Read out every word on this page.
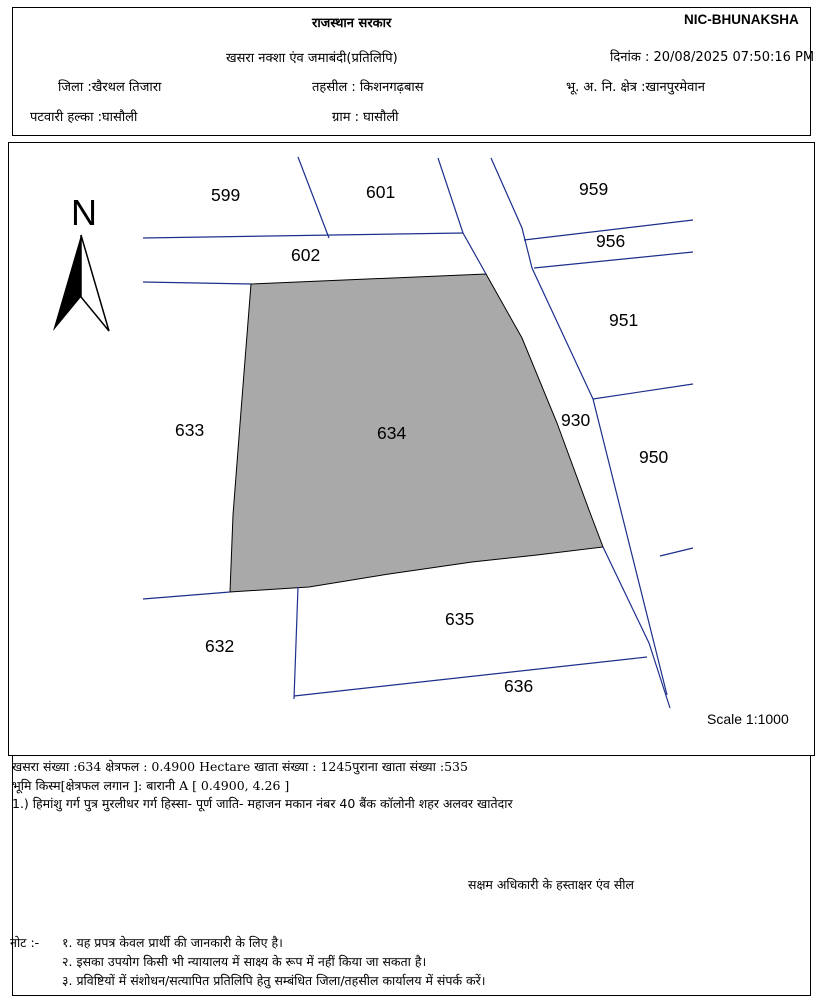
राजस्थान सरकार	NIC-BHUNAKSHA
खसरा नक्शा एंव जमाबंदी(प्रतिलिपि)	दिनांक : 20/08/2025 07:50:16 PM
जिला :खैरथल तिजारा	तहसील : किशनगढ़बास	भू. अ. नि. क्षेत्र :खानपुरमेवान
पटवारी हल्का :घासौली	ग्राम : घासौली
N	599	601	959
956
602
951
633	634
930
950
635
632
636
Scale 1:1000
खसरा संख्या :634 क्षेत्रफल : 0.4900 Hectare खाता संख्या : 1245पुराना खाता संख्या :535
भूमि किस्म[क्षेत्रफल लगान ]: बारानी A [ 0.4900, 4.26 ]
1.) हिमांशु गर्ग पुत्र मुरलीधर गर्ग हिस्सा- पूर्ण जाति- महाजन मकान नंबर 40 बैंक कॉलोनी शहर अलवर खातेदार
सक्षम अधिकारी के हस्ताक्षर एंव सील
नोट :- १. यह प्रपत्र केवल प्रार्थी की जानकारी के लिए है।
२. इसका उपयोग किसी भी न्यायालय में साक्ष्य के रूप में नहीं किया जा सकता है।
३. प्रविष्टियों में संशोधन/सत्यापित प्रतिलिपि हेतु सम्बंधित जिला/तहसील कार्यालय में संपर्क करें।
